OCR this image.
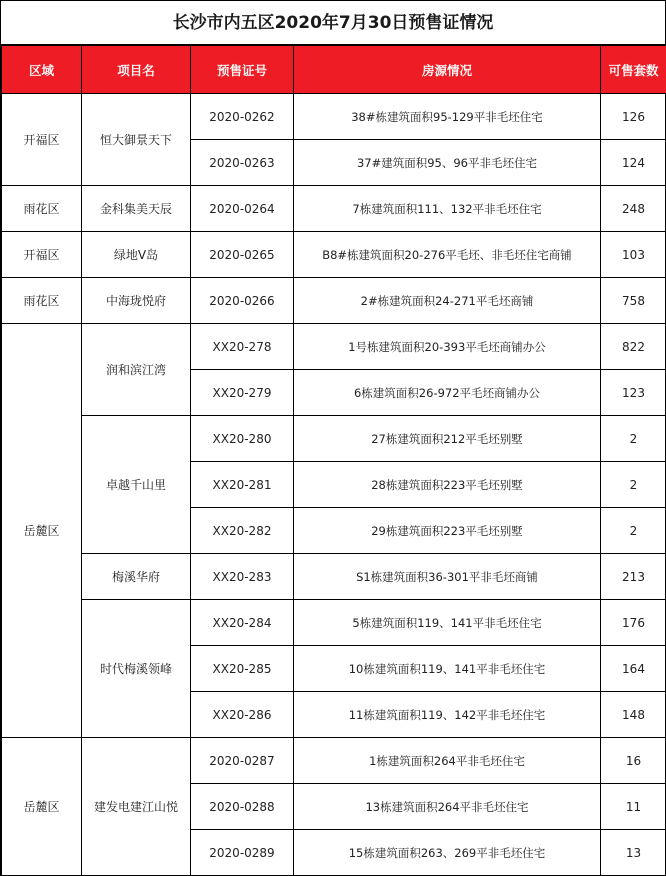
长沙市内五区2020年7月30日预售证情况
区域	项目名	预售证号	房源情况	可售套数
开福区	恒大御景天下	2020-0262	38#栋建筑面积95-129平非毛坯住宅	126
		2020-0263	37#建筑面积95、96平非毛坯住宅	124
雨花区	金科集美天辰	2020-0264	7栋建筑面积111、132平非毛坯住宅	248
开福区	绿地V岛	2020-0265	B8#栋建筑面积20-276平毛坯、非毛坯住宅商铺	103
雨花区	中海珑悦府	2020-0266	2#栋建筑面积24-271平毛坯商铺	758
岳麓区	润和滨江湾	XX20-278	1号栋建筑面积20-393平毛坯商铺办公	822
		XX20-279	6栋建筑面积26-972平毛坯商铺办公	123
	卓越千山里	XX20-280	27栋建筑面积212平毛坯别墅	2
		XX20-281	28栋建筑面积223平毛坯别墅	2
		XX20-282	29栋建筑面积223平毛坯别墅	2
	梅溪华府	XX20-283	S1栋建筑面积36-301平非毛坯商铺	213
	时代梅溪领峰	XX20-284	5栋建筑面积119、141平非毛坯住宅	176
		XX20-285	10栋建筑面积119、141平非毛坯住宅	164
		XX20-286	11栋建筑面积119、142平非毛坯住宅	148
岳麓区	建发电建江山悦	2020-0287	1栋建筑面积264平非毛坯住宅	16
		2020-0288	13栋建筑面积264平非毛坯住宅	11
		2020-0289	15栋建筑面积263、269平非毛坯住宅	13
